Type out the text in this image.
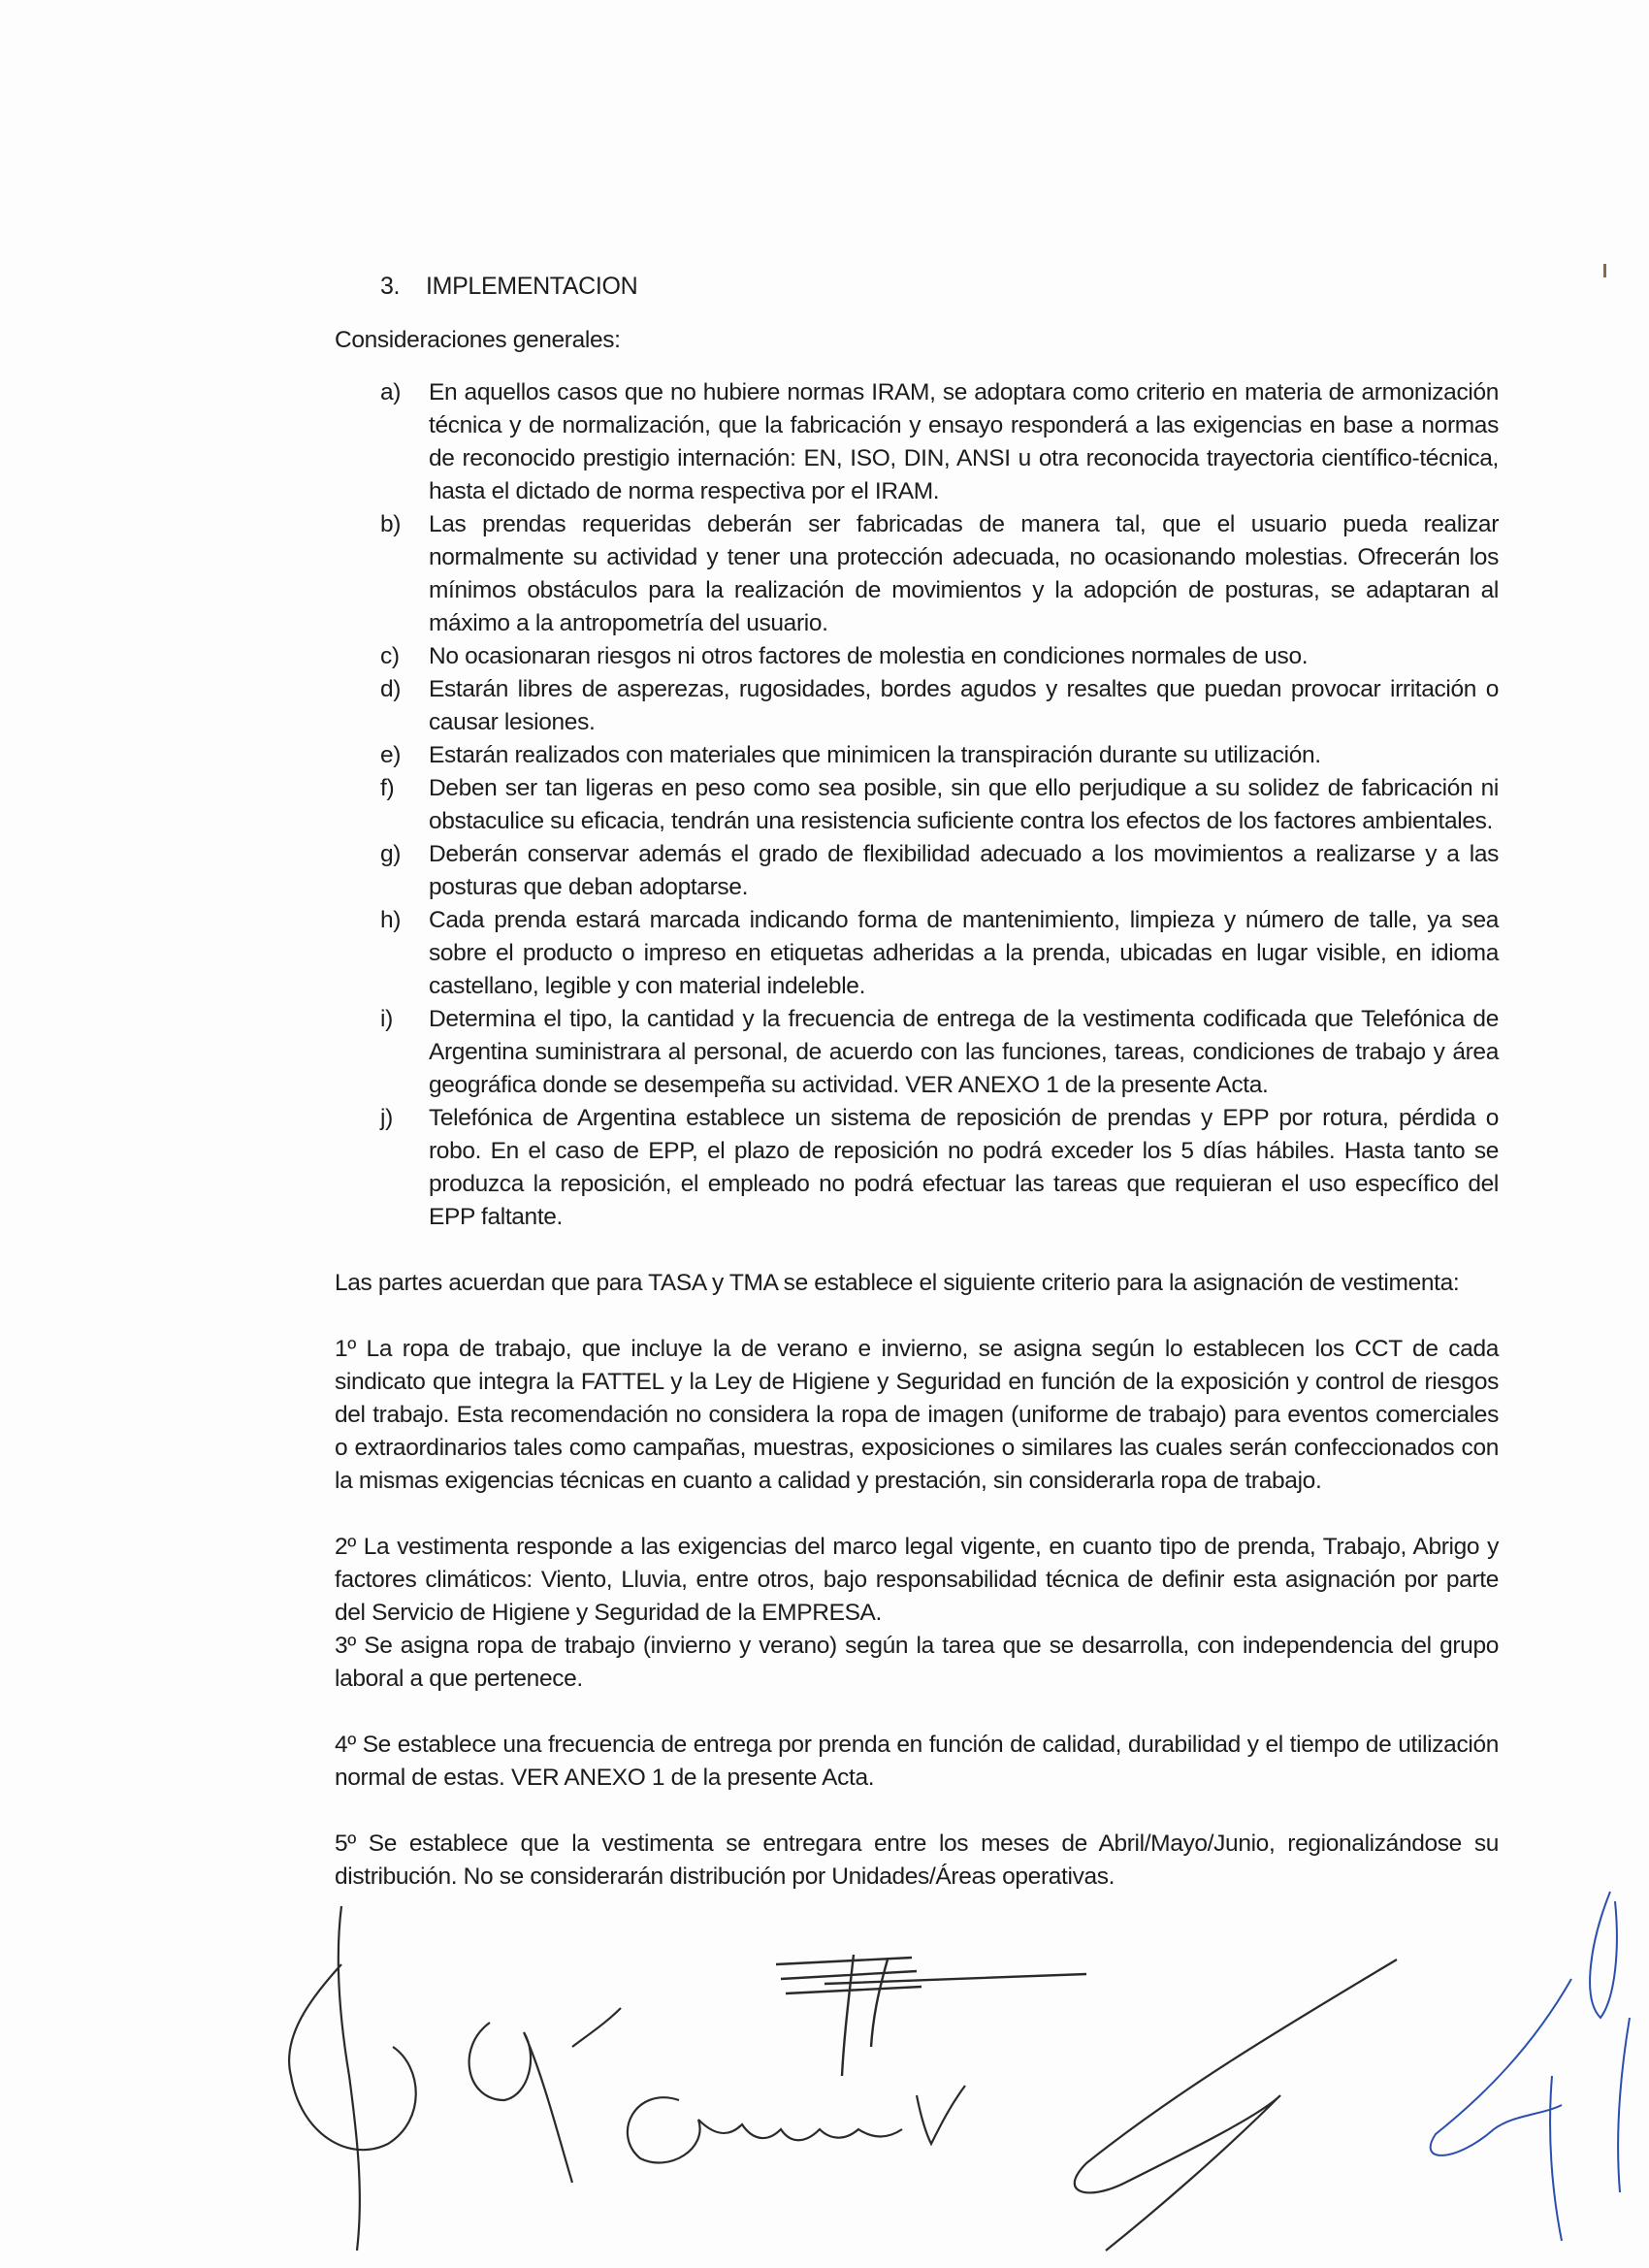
3. IMPLEMENTACION
Consideraciones generales:
a)	En aquellos casos que no hubiere normas IRAM, se adoptara como criterio en materia de armonización técnica y de normalización, que la fabricación y ensayo responderá a las exigencias en base a normas de reconocido prestigio internación: EN, ISO, DIN, ANSI u otra reconocida trayectoria científico-técnica, hasta el dictado de norma respectiva por el IRAM.
b)	Las prendas requeridas deberán ser fabricadas de manera tal, que el usuario pueda realizar normalmente su actividad y tener una protección adecuada, no ocasionando molestias. Ofrecerán los mínimos obstáculos para la realización de movimientos y la adopción de posturas, se adaptaran al máximo a la antropometría del usuario.
c)	No ocasionaran riesgos ni otros factores de molestia en condiciones normales de uso.
d)	Estarán libres de asperezas, rugosidades, bordes agudos y resaltes que puedan provocar irritación o causar lesiones.
e)	Estarán realizados con materiales que minimicen la transpiración durante su utilización.
f)	Deben ser tan ligeras en peso como sea posible, sin que ello perjudique a su solidez de fabricación ni obstaculice su eficacia, tendrán una resistencia suficiente contra los efectos de los factores ambientales.
g)	Deberán conservar además el grado de flexibilidad adecuado a los movimientos a realizarse y a las posturas que deban adoptarse.
h)	Cada prenda estará marcada indicando forma de mantenimiento, limpieza y número de talle, ya sea sobre el producto o impreso en etiquetas adheridas a la prenda, ubicadas en lugar visible, en idioma castellano, legible y con material indeleble.
i)	Determina el tipo, la cantidad y la frecuencia de entrega de la vestimenta codificada que Telefónica de Argentina suministrara al personal, de acuerdo con las funciones, tareas, condiciones de trabajo y área geográfica donde se desempeña su actividad. VER ANEXO 1 de la presente Acta.
j)	Telefónica de Argentina establece un sistema de reposición de prendas y EPP por rotura, pérdida o robo. En el caso de EPP, el plazo de reposición no podrá exceder los 5 días hábiles. Hasta tanto se produzca la reposición, el empleado no podrá efectuar las tareas que requieran el uso específico del EPP faltante.

Las partes acuerdan que para TASA y TMA se establece el siguiente criterio para la asignación de vestimenta:

1º La ropa de trabajo, que incluye la de verano e invierno, se asigna según lo establecen los CCT de cada sindicato que integra la FATTEL y la Ley de Higiene y Seguridad en función de la exposición y control de riesgos del trabajo. Esta recomendación no considera la ropa de imagen (uniforme de trabajo) para eventos comerciales o extraordinarios tales como campañas, muestras, exposiciones o similares las cuales serán confeccionados con la mismas exigencias técnicas en cuanto a calidad y prestación, sin considerarla ropa de trabajo.

2º La vestimenta responde a las exigencias del marco legal vigente, en cuanto tipo de prenda, Trabajo, Abrigo y factores climáticos: Viento, Lluvia, entre otros, bajo responsabilidad técnica de definir esta asignación por parte del Servicio de Higiene y Seguridad de la EMPRESA.

3º Se asigna ropa de trabajo (invierno y verano) según la tarea que se desarrolla, con independencia del grupo laboral a que pertenece.

4º Se establece una frecuencia de entrega por prenda en función de calidad, durabilidad y el tiempo de utilización normal de estas. VER ANEXO 1 de la presente Acta.

5º Se establece que la vestimenta se entregara entre los meses de Abril/Mayo/Junio, regionalizándose su distribución. No se considerarán distribución por Unidades/Áreas operativas.
